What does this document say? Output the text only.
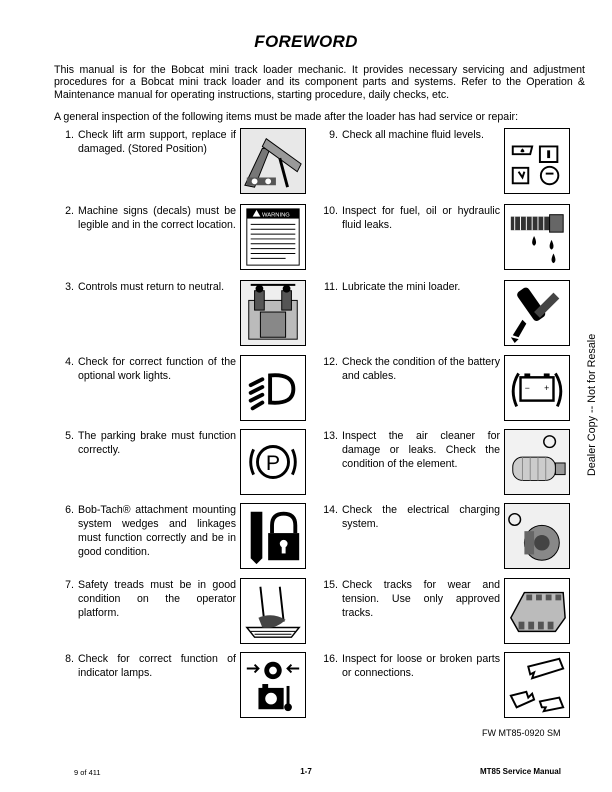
FOREWORD
This manual is for the Bobcat mini track loader mechanic. It provides necessary servicing and adjustment procedures for a Bobcat mini track loader and its component parts and systems. Refer to the Operation & Maintenance manual for operating instructions, starting procedure, daily checks, etc.
A general inspection of the following items must be made after the loader has had service or repair:
1. Check lift arm support, replace if damaged. (Stored Position)
2. Machine signs (decals) must be legible and in the correct location.
WARNING
3. Controls must return to neutral.
4. Check for correct function of the optional work lights.
5. The parking brake must function correctly.
P
6. Bob-Tach® attachment mounting system wedges and linkages must function correctly and be in good condition.
7. Safety treads must be in good condition on the operator platform.
8. Check for correct function of indicator lamps.
9. Check all machine fluid levels.
10. Inspect for fuel, oil or hydraulic fluid leaks.
11. Lubricate the mini loader.
12. Check the condition of the battery and cables.
− +
13. Inspect the air cleaner for damage or leaks. Check the condition of the element.
14. Check the electrical charging system.
15. Check tracks for wear and tension. Use only approved tracks.
16. Inspect for loose or broken parts or connections.
Dealer Copy -- Not for Resale
FW MT85-0920 SM
9 of 411	1-7	MT85 Service Manual
